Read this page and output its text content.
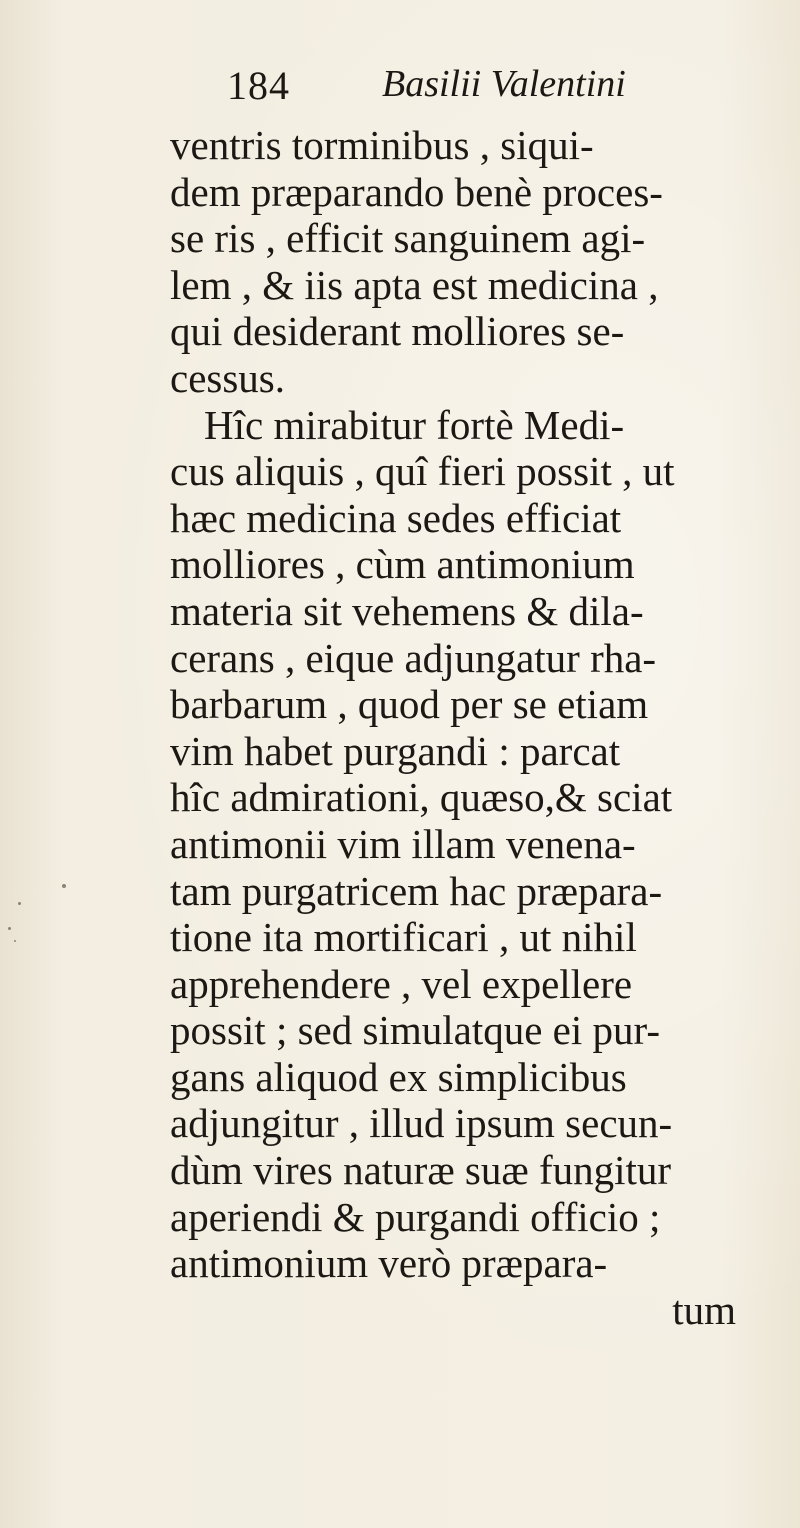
184 Basilii Valentini
ventris torminibus , siqui-
dem præparando benè proces-
se ris , efficit sanguinem agi-
lem , & iis apta est medicina ,
qui desiderant molliores se-
cessus.
Hîc mirabitur fortè Medi-
cus aliquis , quî fieri possit , ut
hæc medicina sedes efficiat
molliores , cùm antimonium
materia sit vehemens & dila-
cerans , eique adjungatur rha-
barbarum , quod per se etiam
vim habet purgandi : parcat
hîc admirationi, quæso,& sciat
antimonii vim illam venena-
tam purgatricem hac præpara-
tione ita mortificari , ut nihil
apprehendere , vel expellere
possit ; sed simulatque ei pur-
gans aliquod ex simplicibus
adjungitur , illud ipsum secun-
dùm vires naturæ suæ fungitur
aperiendi & purgandi officio ;
antimonium verò præpara-
tum
